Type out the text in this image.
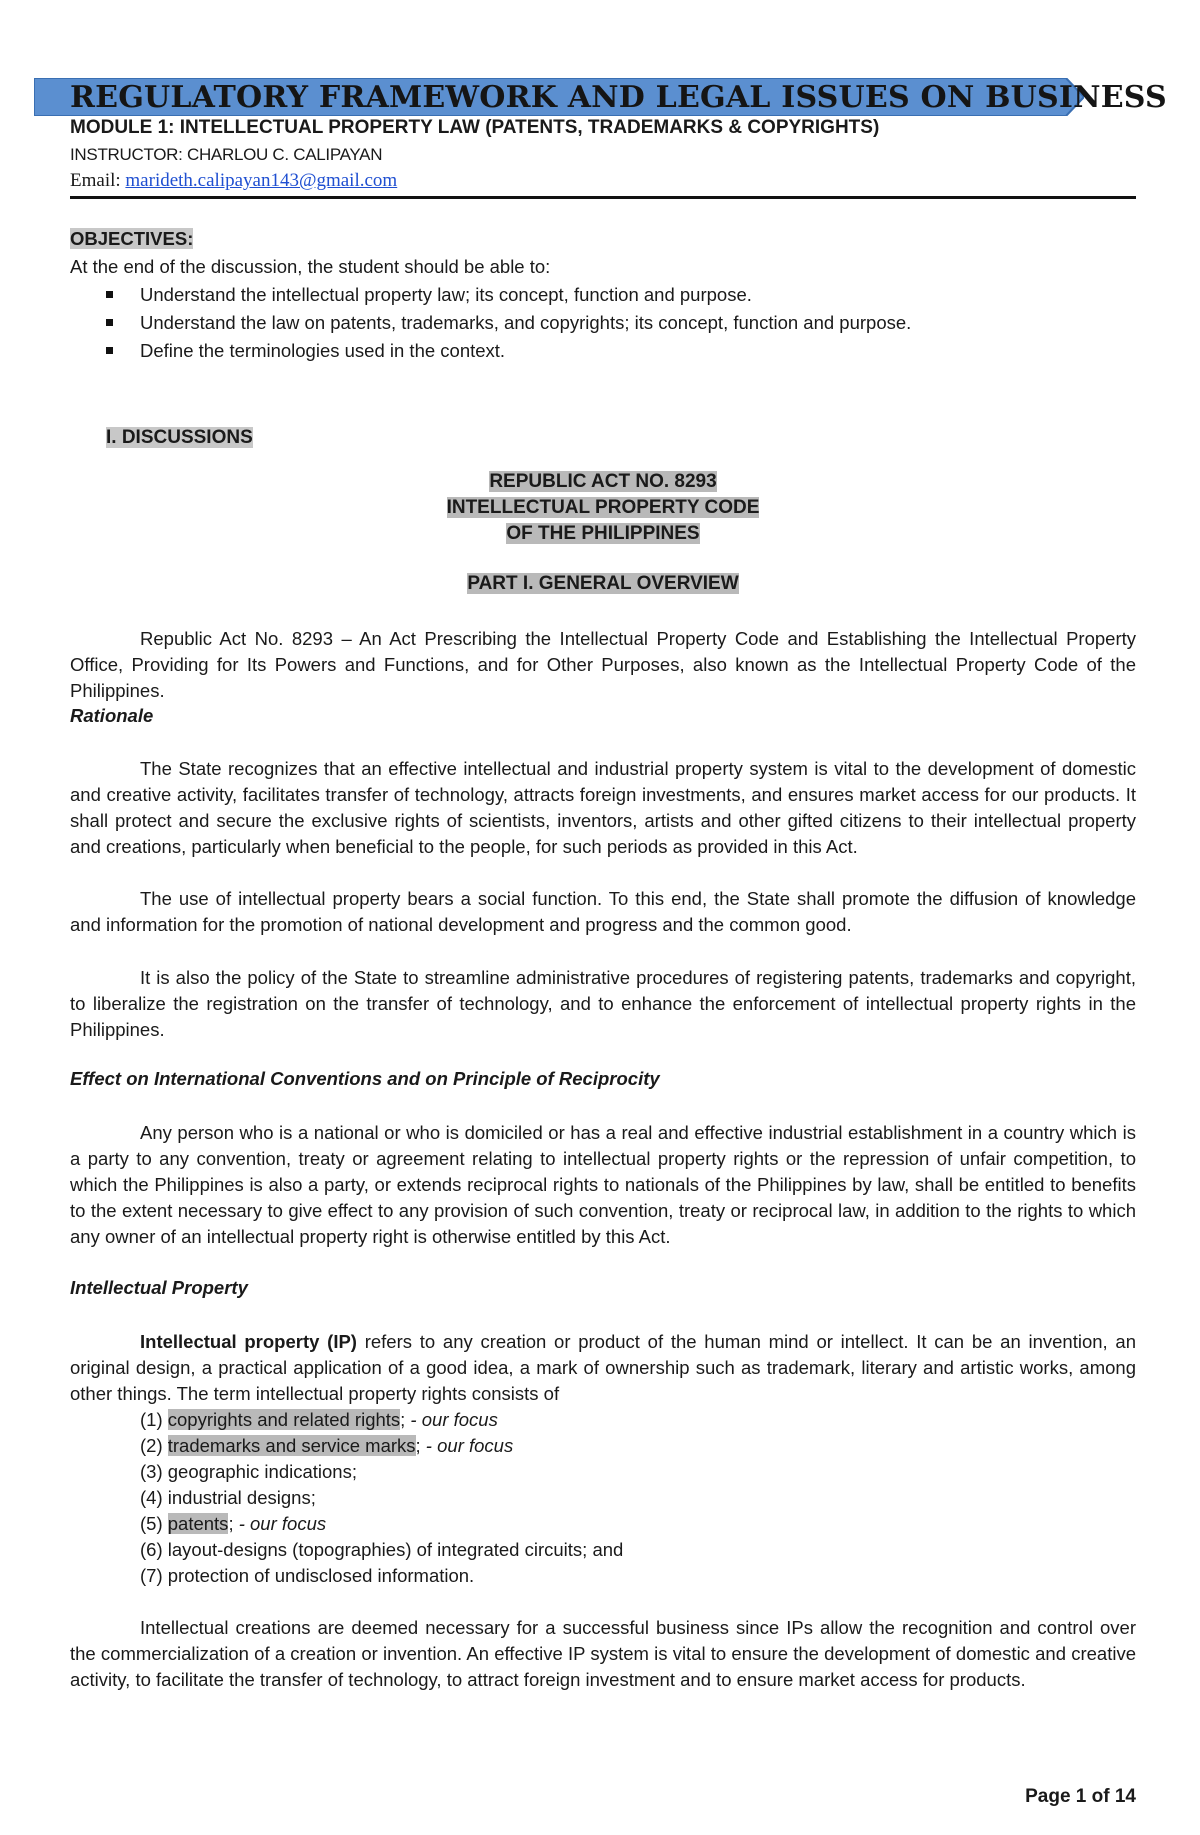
REGULATORY FRAMEWORK AND LEGAL ISSUES ON BUSINESS
MODULE 1: INTELLECTUAL PROPERTY LAW (PATENTS, TRADEMARKS & COPYRIGHTS)
INSTRUCTOR: CHARLOU C. CALIPAYAN
Email: marideth.calipayan143@gmail.com
OBJECTIVES:
At the end of the discussion, the student should be able to:
Understand the intellectual property law; its concept, function and purpose.
Understand the law on patents, trademarks, and copyrights; its concept, function and purpose.
Define the terminologies used in the context.
I. DISCUSSIONS
REPUBLIC ACT NO. 8293
INTELLECTUAL PROPERTY CODE
OF THE PHILIPPINES
PART I. GENERAL OVERVIEW
Republic Act No. 8293 – An Act Prescribing the Intellectual Property Code and Establishing the Intellectual Property Office, Providing for Its Powers and Functions, and for Other Purposes, also known as the Intellectual Property Code of the Philippines.
Rationale
The State recognizes that an effective intellectual and industrial property system is vital to the development of domestic and creative activity, facilitates transfer of technology, attracts foreign investments, and ensures market access for our products. It shall protect and secure the exclusive rights of scientists, inventors, artists and other gifted citizens to their intellectual property and creations, particularly when beneficial to the people, for such periods as provided in this Act.
The use of intellectual property bears a social function. To this end, the State shall promote the diffusion of knowledge and information for the promotion of national development and progress and the common good.
It is also the policy of the State to streamline administrative procedures of registering patents, trademarks and copyright, to liberalize the registration on the transfer of technology, and to enhance the enforcement of intellectual property rights in the Philippines.
Effect on International Conventions and on Principle of Reciprocity
Any person who is a national or who is domiciled or has a real and effective industrial establishment in a country which is a party to any convention, treaty or agreement relating to intellectual property rights or the repression of unfair competition, to which the Philippines is also a party, or extends reciprocal rights to nationals of the Philippines by law, shall be entitled to benefits to the extent necessary to give effect to any provision of such convention, treaty or reciprocal law, in addition to the rights to which any owner of an intellectual property right is otherwise entitled by this Act.
Intellectual Property
Intellectual property (IP) refers to any creation or product of the human mind or intellect. It can be an invention, an original design, a practical application of a good idea, a mark of ownership such as trademark, literary and artistic works, among other things. The term intellectual property rights consists of
(1) copyrights and related rights; - our focus
(2) trademarks and service marks; - our focus
(3) geographic indications;
(4) industrial designs;
(5) patents; - our focus
(6) layout-designs (topographies) of integrated circuits; and
(7) protection of undisclosed information.
Intellectual creations are deemed necessary for a successful business since IPs allow the recognition and control over the commercialization of a creation or invention. An effective IP system is vital to ensure the development of domestic and creative activity, to facilitate the transfer of technology, to attract foreign investment and to ensure market access for products.
Page 1 of 14
